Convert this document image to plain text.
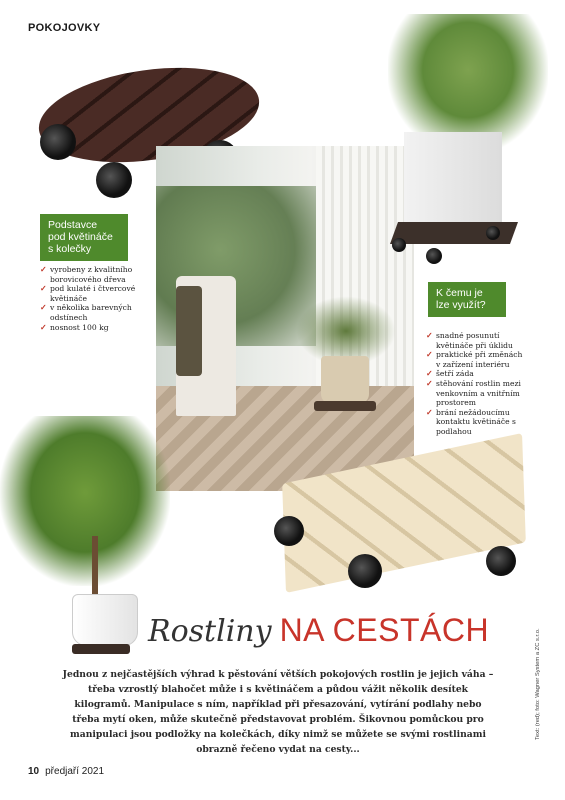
POKOJOVKY
Podstavce
pod květináče
s kolečky
✓ vyrobeny z kvalitního borovicového dřeva
✓ pod kulaté i čtvercové květináče
✓ v několika barevných odstínech
✓ nosnost 100 kg
K čemu je
lze využít?
✓ snadné posunutí květináče při úklidu
✓ praktické při změnách v zařízení interiéru
✓ šetří záda
✓ stěhování rostlin mezi venkovním a vnitřním prostorem
✓ brání nežádoucímu kontaktu květináče s podlahou
Rostliny NA CESTÁCH
Jednou z nejčastějších výhrad k pěstování větších pokojových rostlin je jejich váha – třeba vzrostlý blahočet může i s květináčem a půdou vážit několik desítek kilogramů. Manipulace s ním, například při přesazování, vytírání podlahy nebo třeba mytí oken, může skutečně představovat problém. Šikovnou pomůckou pro manipulaci jsou podložky na kolečkách, díky nimž se můžete se svými rostlinami obrazně řečeno vydat na cesty...
Text: (red); foto: Wagner System a ZC s.r.o.
10 předjaří 2021
